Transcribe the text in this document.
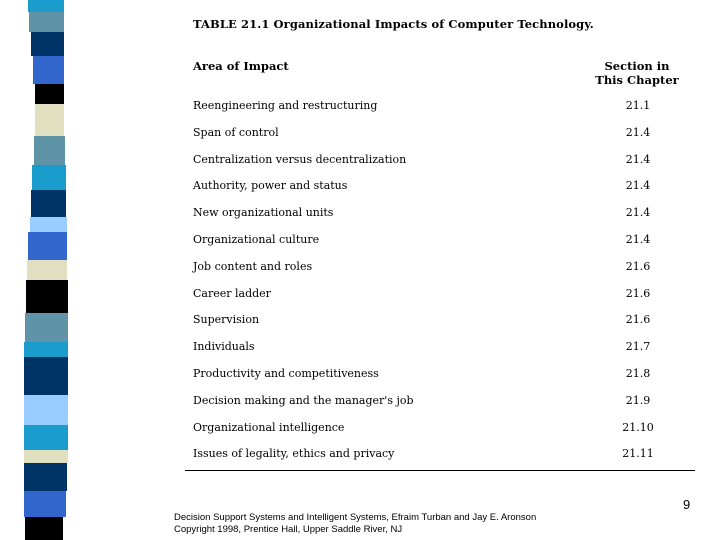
TABLE 21.1 Organizational Impacts of Computer Technology.
Area of Impact	Section in
This Chapter
Reengineering and restructuring	21.1
Span of control	21.4
Centralization versus decentralization	21.4
Authority, power and status	21.4
New organizational units	21.4
Organizational culture	21.4
Job content and roles	21.6
Career ladder	21.6
Supervision	21.6
Individuals	21.7
Productivity and competitiveness	21.8
Decision making and the manager's job	21.9
Organizational intelligence	21.10
Issues of legality, ethics and privacy	21.11
9
Decision Support Systems and Intelligent Systems, Efraim Turban and Jay E. Aronson
Copyright 1998, Prentice Hall, Upper Saddle River, NJ
